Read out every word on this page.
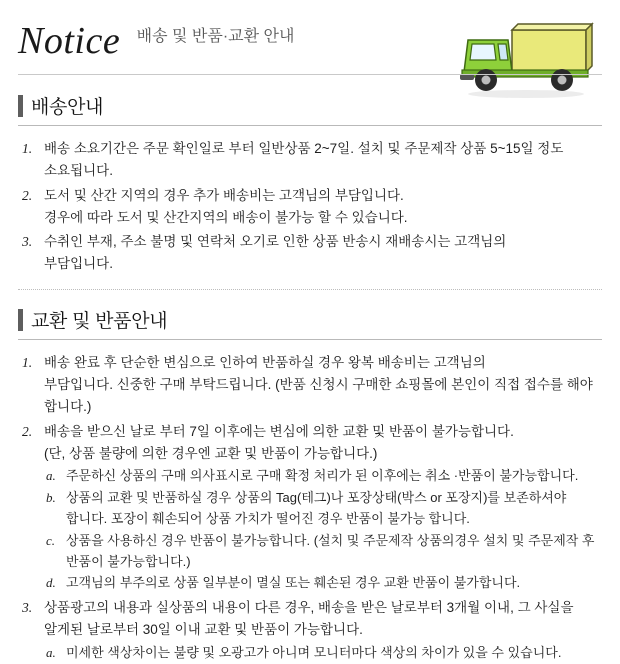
Notice 배송 및 반품·교환 안내
배송안내
1. 배송 소요기간은 주문 확인일로 부터 일반상품 2~7일. 설치 및 주문제작 상품 5~15일 정도
소요됩니다.
2. 도서 및 산간 지역의 경우 추가 배송비는 고객님의 부담입니다.
경우에 따라 도서 및 산간지역의 배송이 불가능 할 수 있습니다.
3. 수취인 부재, 주소 불명 및 연락처 오기로 인한 상품 반송시 재배송시는 고객님의
부담입니다.
교환 및 반품안내
1. 배송 완료 후 단순한 변심으로 인하여 반품하실 경우 왕복 배송비는 고객님의
부담입니다. 신중한 구매 부탁드립니다. (반품 신청시 구매한 쇼핑몰에 본인이 직접 접수를 해야
합니다.)
2. 배송을 받으신 날로 부터 7일 이후에는 변심에 의한 교환 및 반품이 불가능합니다.
(단, 상품 불량에 의한 경우엔 교환 및 반품이 가능합니다.)
a. 주문하신 상품의 구매 의사표시로 구매 확정 처리가 된 이후에는 취소 ·반품이 불가능합니다.
b. 상품의 교환 및 반품하실 경우 상품의 Tag(테그)나 포장상태(박스 or 포장지)를 보존하셔야
합니다. 포장이 훼손되어 상품 가치가 떨어진 경우 반품이 불가능 합니다.
c. 상품을 사용하신 경우 반품이 불가능합니다. (설치 및 주문제작 상품의경우 설치 및 주문제작 후
반품이 불가능합니다.)
d. 고객님의 부주의로 상품 일부분이 멸실 또는 훼손된 경우 교환 반품이 불가합니다.
3. 상품광고의 내용과 실상품의 내용이 다른 경우, 배송을 받은 날로부터 3개월 이내, 그 사실을
알게된 날로부터 30일 이내 교환 및 반품이 가능합니다.
a. 미세한 색상차이는 불량 및 오광고가 아니며 모니터마다 색상의 차이가 있을 수 있습니다.
